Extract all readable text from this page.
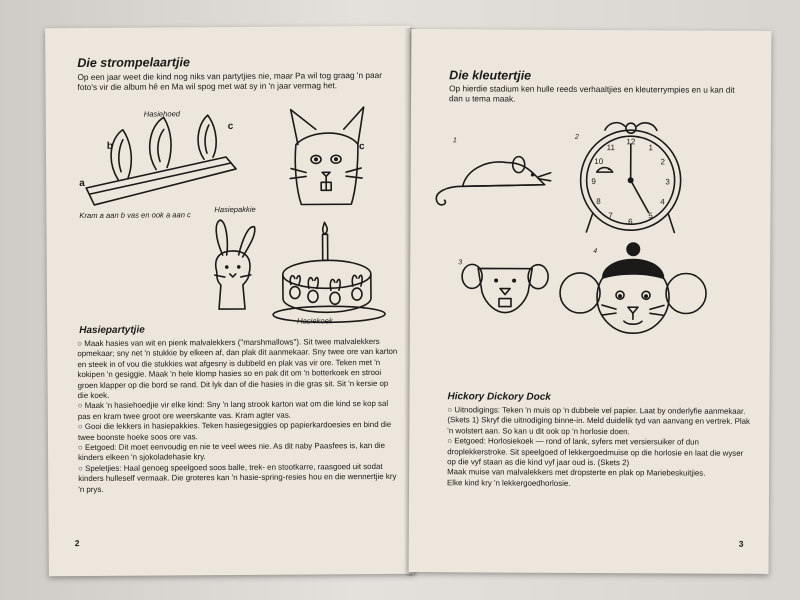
Die strompelaartjie
Op een jaar weet die kind nog niks van partytjies nie, maar Pa wil tog graag 'n paar foto's vir die album hê en Ma wil spog met wat sy in 'n jaar vermag het.
Hasiehoed
a
b
c
Kram a aan b vas en ook a aan c
c
Hasiepakkie
Hasiekoek
Hasiepartytjie

○ Maak hasies van wit en pienk malvalekkers ("marshmallows"). Sit twee malvalekkers opmekaar; sny net 'n stukkie by elkeen af, dan plak dit aanmekaar. Sny twee ore van karton en steek in of vou die stukkies wat afgesny is dubbeld en plak vas vir ore. Teken met 'n kokipen 'n gesiggie. Maak 'n hele klomp hasies so en pak dit om 'n botterkoek en strooi groen klapper op die bord se rand. Dit lyk dan of die hasies in die gras sit. Sit 'n kersie op die koek.

○ Maak 'n hasiehoedjie vir elke kind: Sny 'n lang strook karton wat om die kind se kop sal pas en kram twee groot ore weerskante vas. Kram agter vas.

○ Gooi die lekkers in hasiepakkies. Teken hasiegesiggies op papierkardoesies en bind die twee boonste hoeke soos ore vas.

○ Eetgoed: Dit moet eenvoudig en nie te veel wees nie. As dit naby Paasfees is, kan die kinders elkeen 'n sjokoladehasie kry.

○ Speletjies: Haal genoeg speelgoed soos balle, trek- en stootkarre, raasgoed uit sodat kinders hulleself vermaak. Die groteres kan 'n hasie-spring-resies hou en die wennertjie kry 'n prys.

2
Die kleutertjie
Op hierdie stadium ken hulle reeds verhaaltjies en kleuterrympies en u kan dit dan u tema maak.
1	2	12
1
2
3
4
5
6
7
8
9
10
11
3
4
Hickory Dickory Dock

○ Uitnodigings: Teken 'n muis op 'n dubbele vel papier. Laat by onderlyfie aanmekaar. (Skets 1) Skryf die uitnodiging binne-in. Meld duidelik tyd van aanvang en vertrek. Plak 'n wolstert aan. So kan u dit ook op 'n horlosie doen.

○ Eetgoed: Horlosiekoek — rond of lank, syfers met versiersuiker of dun droplekkerstroke. Sit speelgoed of lekkergoedmuise op die horlosie en laat die wyser op die vyf staan as die kind vyf jaar oud is. (Skets 2)

Maak muise van malvalekkers met dropsterte en plak op Mariebeskuitjies.

Elke kind kry 'n lekkergoedhorlosie.

3
